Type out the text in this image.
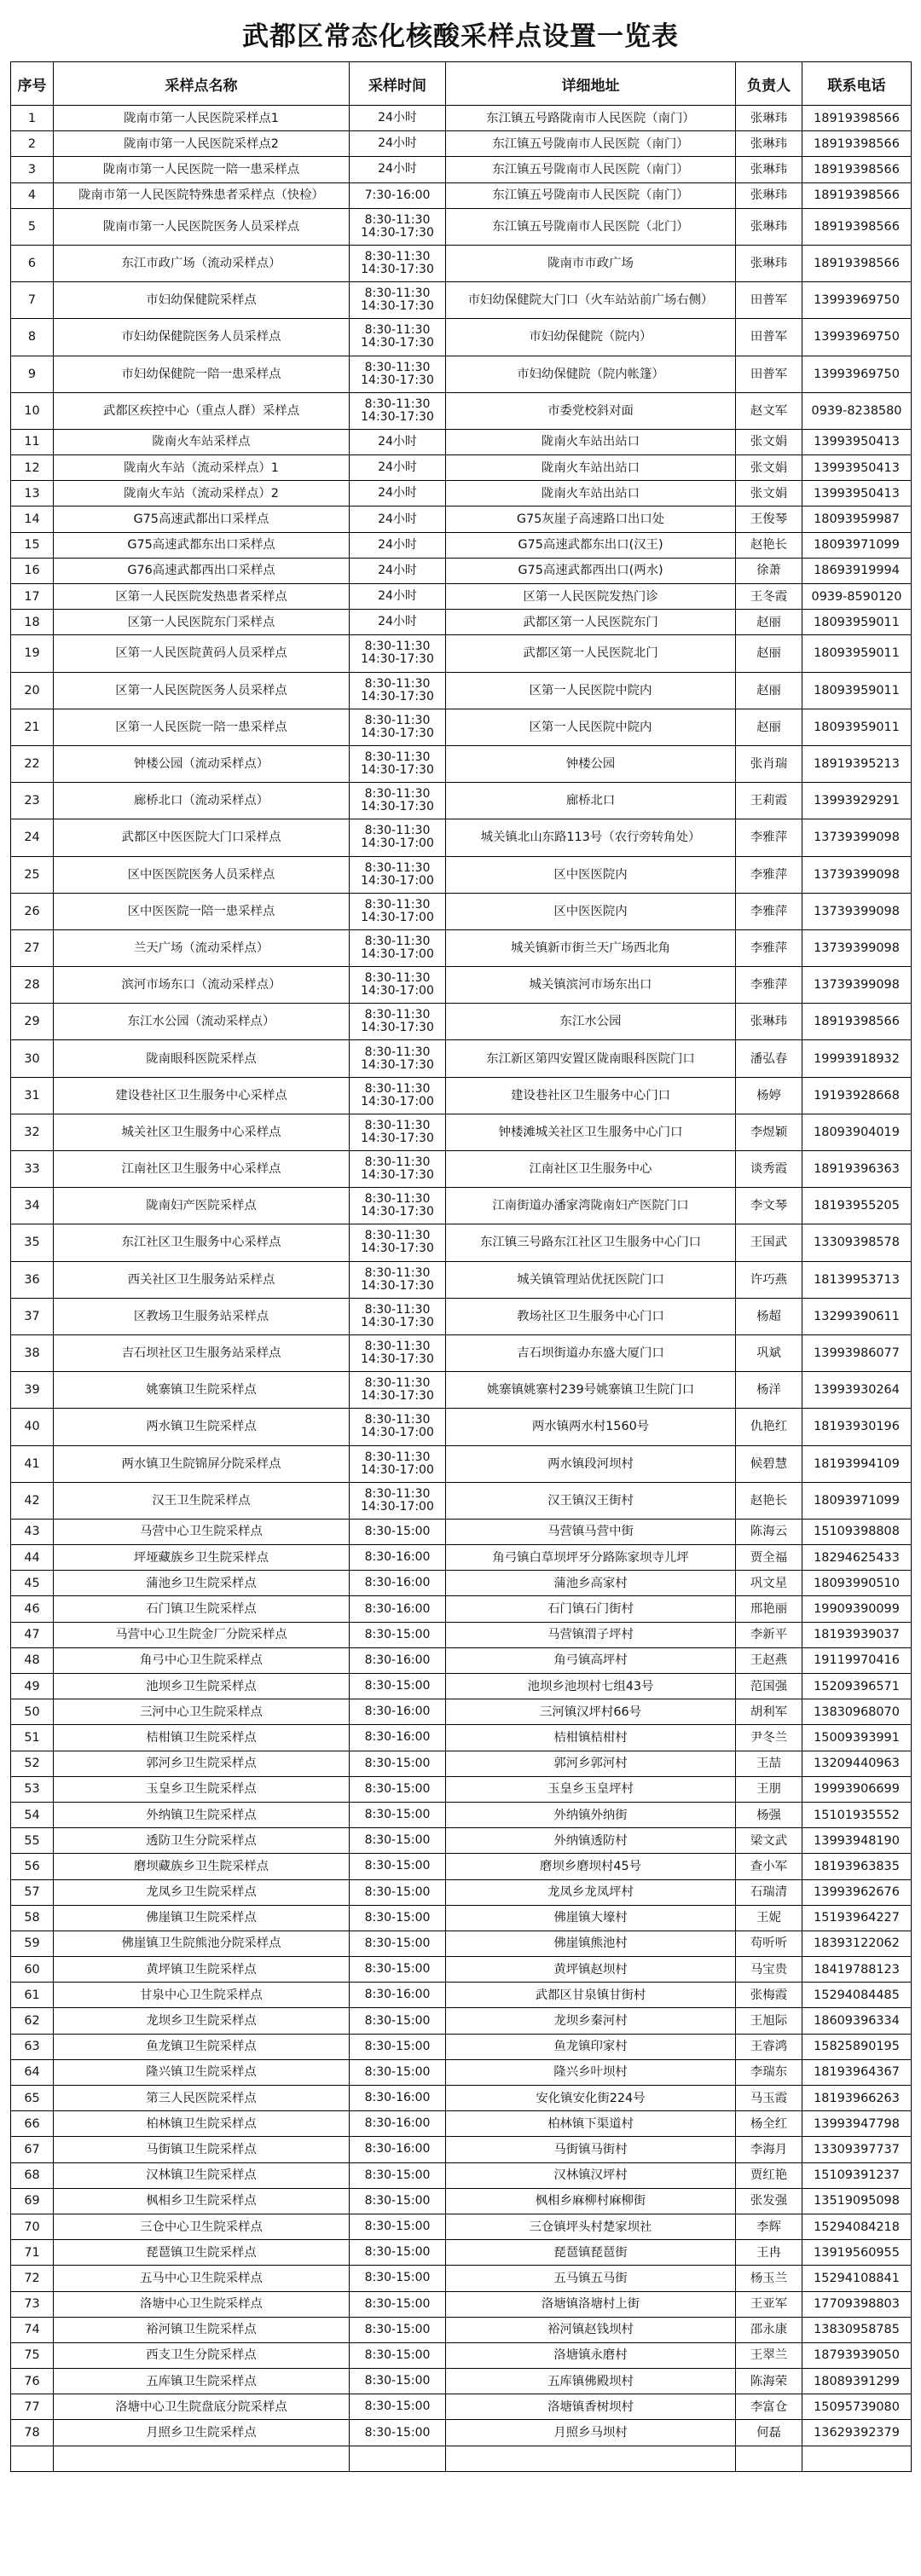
武都区常态化核酸采样点设置一览表
序号	采样点名称	采样时间	详细地址	负责人	联系电话
1	陇南市第一人民医院采样点1	24小时	东江镇五号路陇南市人民医院（南门）	张琳玮	18919398566
2	陇南市第一人民医院采样点2	24小时	东江镇五号陇南市人民医院（南门）	张琳玮	18919398566
3	陇南市第一人民医院一陪一患采样点	24小时	东江镇五号陇南市人民医院（南门）	张琳玮	18919398566
4	陇南市第一人民医院特殊患者采样点（快检）	7:30-16:00	东江镇五号陇南市人民医院（南门）	张琳玮	18919398566
5	陇南市第一人民医院医务人员采样点	8:30-11:30
14:30-17:30	东江镇五号陇南市人民医院（北门）	张琳玮	18919398566
6	东江市政广场（流动采样点）	8:30-11:30
14:30-17:30	陇南市市政广场	张琳玮	18919398566
7	市妇幼保健院采样点	8:30-11:30
14:30-17:30	市妇幼保健院大门口（火车站站前广场右侧）	田普军	13993969750
8	市妇幼保健院医务人员采样点	8:30-11:30
14:30-17:30	市妇幼保健院（院内）	田普军	13993969750
9	市妇幼保健院一陪一患采样点	8:30-11:30
14:30-17:30	市妇幼保健院（院内帐篷）	田普军	13993969750
10	武都区疾控中心（重点人群）采样点	8:30-11:30
14:30-17:30	市委党校斜对面	赵文军	0939-8238580
11	陇南火车站采样点	24小时	陇南火车站出站口	张文娟	13993950413
12	陇南火车站（流动采样点）1	24小时	陇南火车站出站口	张文娟	13993950413
13	陇南火车站（流动采样点）2	24小时	陇南火车站出站口	张文娟	13993950413
14	G75高速武都出口采样点	24小时	G75灰崖子高速路口出口处	王俊琴	18093959987
15	G75高速武都东出口采样点	24小时	G75高速武都东出口(汉王)	赵艳长	18093971099
16	G76高速武都西出口采样点	24小时	G75高速武都西出口(两水)	徐萧	18693919994
17	区第一人民医院发热患者采样点	24小时	区第一人民医院发热门诊	王冬霞	0939-8590120
18	区第一人民医院东门采样点	24小时	武都区第一人民医院东门	赵丽	18093959011
19	区第一人民医院黄码人员采样点	8:30-11:30
14:30-17:30	武都区第一人民医院北门	赵丽	18093959011
20	区第一人民医院医务人员采样点	8:30-11:30
14:30-17:30	区第一人民医院中院内	赵丽	18093959011
21	区第一人民医院一陪一患采样点	8:30-11:30
14:30-17:30	区第一人民医院中院内	赵丽	18093959011
22	钟楼公园（流动采样点）	8:30-11:30
14:30-17:30	钟楼公园	张肖瑞	18919395213
23	廊桥北口（流动采样点）	8:30-11:30
14:30-17:30	廊桥北口	王莉霞	13993929291
24	武都区中医医院大门口采样点	8:30-11:30
14:30-17:00	城关镇北山东路113号（农行旁转角处）	李雅萍	13739399098
25	区中医医院医务人员采样点	8:30-11:30
14:30-17:00	区中医医院内	李雅萍	13739399098
26	区中医医院一陪一患采样点	8:30-11:30
14:30-17:00	区中医医院内	李雅萍	13739399098
27	兰天广场（流动采样点）	8:30-11:30
14:30-17:00	城关镇新市街兰天广场西北角	李雅萍	13739399098
28	滨河市场东口（流动采样点）	8:30-11:30
14:30-17:00	城关镇滨河市场东出口	李雅萍	13739399098
29	东江水公园（流动采样点）	8:30-11:30
14:30-17:30	东江水公园	张琳玮	18919398566
30	陇南眼科医院采样点	8:30-11:30
14:30-17:30	东江新区第四安置区陇南眼科医院门口	潘弘春	19993918932
31	建设巷社区卫生服务中心采样点	8:30-11:30
14:30-17:00	建设巷社区卫生服务中心门口	杨婷	19193928668
32	城关社区卫生服务中心采样点	8:30-11:30
14:30-17:30	钟楼滩城关社区卫生服务中心门口	李煜颖	18093904019
33	江南社区卫生服务中心采样点	8:30-11:30
14:30-17:30	江南社区卫生服务中心	谈秀霞	18919396363
34	陇南妇产医院采样点	8:30-11:30
14:30-17:30	江南街道办潘家湾陇南妇产医院门口	李文琴	18193955205
35	东江社区卫生服务中心采样点	8:30-11:30
14:30-17:30	东江镇三号路东江社区卫生服务中心门口	王国武	13309398578
36	西关社区卫生服务站采样点	8:30-11:30
14:30-17:30	城关镇管理站优抚医院门口	许巧燕	18139953713
37	区教场卫生服务站采样点	8:30-11:30
14:30-17:30	教场社区卫生服务中心门口	杨超	13299390611
38	吉石坝社区卫生服务站采样点	8:30-11:30
14:30-17:30	吉石坝街道办东盛大厦门口	巩斌	13993986077
39	姚寨镇卫生院采样点	8:30-11:30
14:30-17:30	姚寨镇姚寨村239号姚寨镇卫生院门口	杨洋	13993930264
40	两水镇卫生院采样点	8:30-11:30
14:30-17:00	两水镇两水村1560号	仇艳红	18193930196
41	两水镇卫生院锦屏分院采样点	8:30-11:30
14:30-17:00	两水镇段河坝村	候碧慧	18193994109
42	汉王卫生院采样点	8:30-11:30
14:30-17:00	汉王镇汉王街村	赵艳长	18093971099
43	马营中心卫生院采样点	8:30-15:00	马营镇马营中街	陈海云	15109398808
44	坪垭藏族乡卫生院采样点	8:30-16:00	角弓镇白草坝坪牙分路陈家坝寺儿坪	贾全福	18294625433
45	蒲池乡卫生院采样点	8:30-16:00	蒲池乡高家村	巩文星	18093990510
46	石门镇卫生院采样点	8:30-16:00	石门镇石门街村	邢艳丽	19909390099
47	马营中心卫生院金厂分院采样点	8:30-15:00	马营镇渭子坪村	李新平	18193939037
48	角弓中心卫生院采样点	8:30-16:00	角弓镇高坪村	王赵燕	19119970416
49	池坝乡卫生院采样点	8:30-15:00	池坝乡池坝村七组43号	范国强	15209396571
50	三河中心卫生院采样点	8:30-16:00	三河镇汉坪村66号	胡利军	13830968070
51	桔柑镇卫生院采样点	8:30-16:00	桔柑镇桔柑村	尹冬兰	15009393991
52	郭河乡卫生院采样点	8:30-15:00	郭河乡郭河村	王喆	13209440963
53	玉皇乡卫生院采样点	8:30-15:00	玉皇乡玉皇坪村	王朋	19993906699
54	外纳镇卫生院采样点	8:30-15:00	外纳镇外纳街	杨强	15101935552
55	透防卫生分院采样点	8:30-15:00	外纳镇透防村	梁文武	13993948190
56	磨坝藏族乡卫生院采样点	8:30-15:00	磨坝乡磨坝村45号	查小军	18193963835
57	龙凤乡卫生院采样点	8:30-15:00	龙凤乡龙凤坪村	石瑞清	13993962676
58	佛崖镇卫生院采样点	8:30-15:00	佛崖镇大壕村	王妮	15193964227
59	佛崖镇卫生院熊池分院采样点	8:30-15:00	佛崖镇熊池村	苟听听	18393122062
60	黄坪镇卫生院采样点	8:30-15:00	黄坪镇赵坝村	马宝贵	18419788123
61	甘泉中心卫生院采样点	8:30-16:00	武都区甘泉镇甘街村	张梅霞	15294084485
62	龙坝乡卫生院采样点	8:30-15:00	龙坝乡秦河村	王旭际	18609396334
63	鱼龙镇卫生院采样点	8:30-15:00	鱼龙镇印家村	王睿鸿	15825890195
64	隆兴镇卫生院采样点	8:30-15:00	隆兴乡叶坝村	李瑞东	18193964367
65	第三人民医院采样点	8:30-16:00	安化镇安化街224号	马玉霞	18193966263
66	柏林镇卫生院采样点	8:30-16:00	柏林镇下渠道村	杨全红	13993947798
67	马街镇卫生院采样点	8:30-16:00	马街镇马街村	李海月	13309397737
68	汉林镇卫生院采样点	8:30-15:00	汉林镇汉坪村	贾红艳	15109391237
69	枫相乡卫生院采样点	8:30-15:00	枫相乡麻柳村麻柳街	张发强	13519095098
70	三仓中心卫生院采样点	8:30-15:00	三仓镇坪头村楚家坝社	李辉	15294084218
71	琵琶镇卫生院采样点	8:30-15:00	琵琶镇琵琶街	王冉	13919560955
72	五马中心卫生院采样点	8:30-15:00	五马镇五马街	杨玉兰	15294108841
73	洛塘中心卫生院采样点	8:30-15:00	洛塘镇洛塘村上街	王亚军	17709398803
74	裕河镇卫生院采样点	8:30-15:00	裕河镇赵钱坝村	邵永康	13830958785
75	西支卫生分院采样点	8:30-15:00	洛塘镇永磨村	王翠兰	18793939050
76	五库镇卫生院采样点	8:30-15:00	五库镇佛殿坝村	陈海荣	18089391299
77	洛塘中心卫生院盘底分院采样点	8:30-15:00	洛塘镇香树坝村	李富仓	15095739080
78	月照乡卫生院采样点	8:30-15:00	月照乡马坝村	何磊	13629392379
